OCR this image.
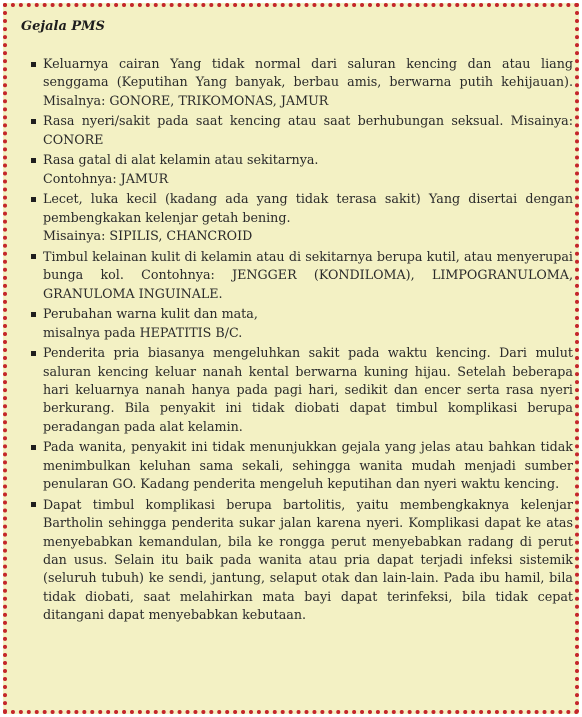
Gejala PMS
Keluarnya cairan Yang tidak normal dari saluran kencing dan atau liang senggama (Keputihan Yang banyak, berbau amis, berwarna putih kehijauan). Misalnya: GONORE, TRIKOMONAS, JAMUR
Rasa nyeri/sakit pada saat kencing atau saat berhubungan seksual. Misainya: CONORE
Rasa gatal di alat kelamin atau sekitarnya.
Contohnya: JAMUR
Lecet, luka kecil (kadang ada yang tidak terasa sakit) Yang disertai dengan pembengkakan kelenjar getah bening.
Misainya: SIPILIS, CHANCROID
Timbul kelainan kulit di kelamin atau di sekitarnya berupa kutil, atau menyerupai bunga kol. Contohnya: JENGGER (KONDILOMA), LIMPOGRANULOMA, GRANULOMA INGUINALE.
Perubahan warna kulit dan mata,
misalnya pada HEPATITIS B/C.
Penderita pria biasanya mengeluhkan sakit pada waktu kencing. Dari mulut saluran kencing keluar nanah kental berwarna kuning hijau. Setelah beberapa hari keluarnya nanah hanya pada pagi hari, sedikit dan encer serta rasa nyeri berkurang. Bila penyakit ini tidak diobati dapat timbul komplikasi berupa peradangan pada alat kelamin.
Pada wanita, penyakit ini tidak menunjukkan gejala yang jelas atau bahkan tidak menimbulkan keluhan sama sekali, sehingga wanita mudah menjadi sumber penularan GO. Kadang penderita mengeluh keputihan dan nyeri waktu kencing.
Dapat timbul komplikasi berupa bartolitis, yaitu membengkaknya kelenjar Bartholin sehingga penderita sukar jalan karena nyeri. Komplikasi dapat ke atas menyebabkan kemandulan, bila ke rongga perut menyebabkan radang di perut dan usus. Selain itu baik pada wanita atau pria dapat terjadi infeksi sistemik (seluruh tubuh) ke sendi, jantung, selaput otak dan lain-lain. Pada ibu hamil, bila tidak diobati, saat melahirkan mata bayi dapat terinfeksi, bila tidak cepat ditangani dapat menyebabkan kebutaan.
